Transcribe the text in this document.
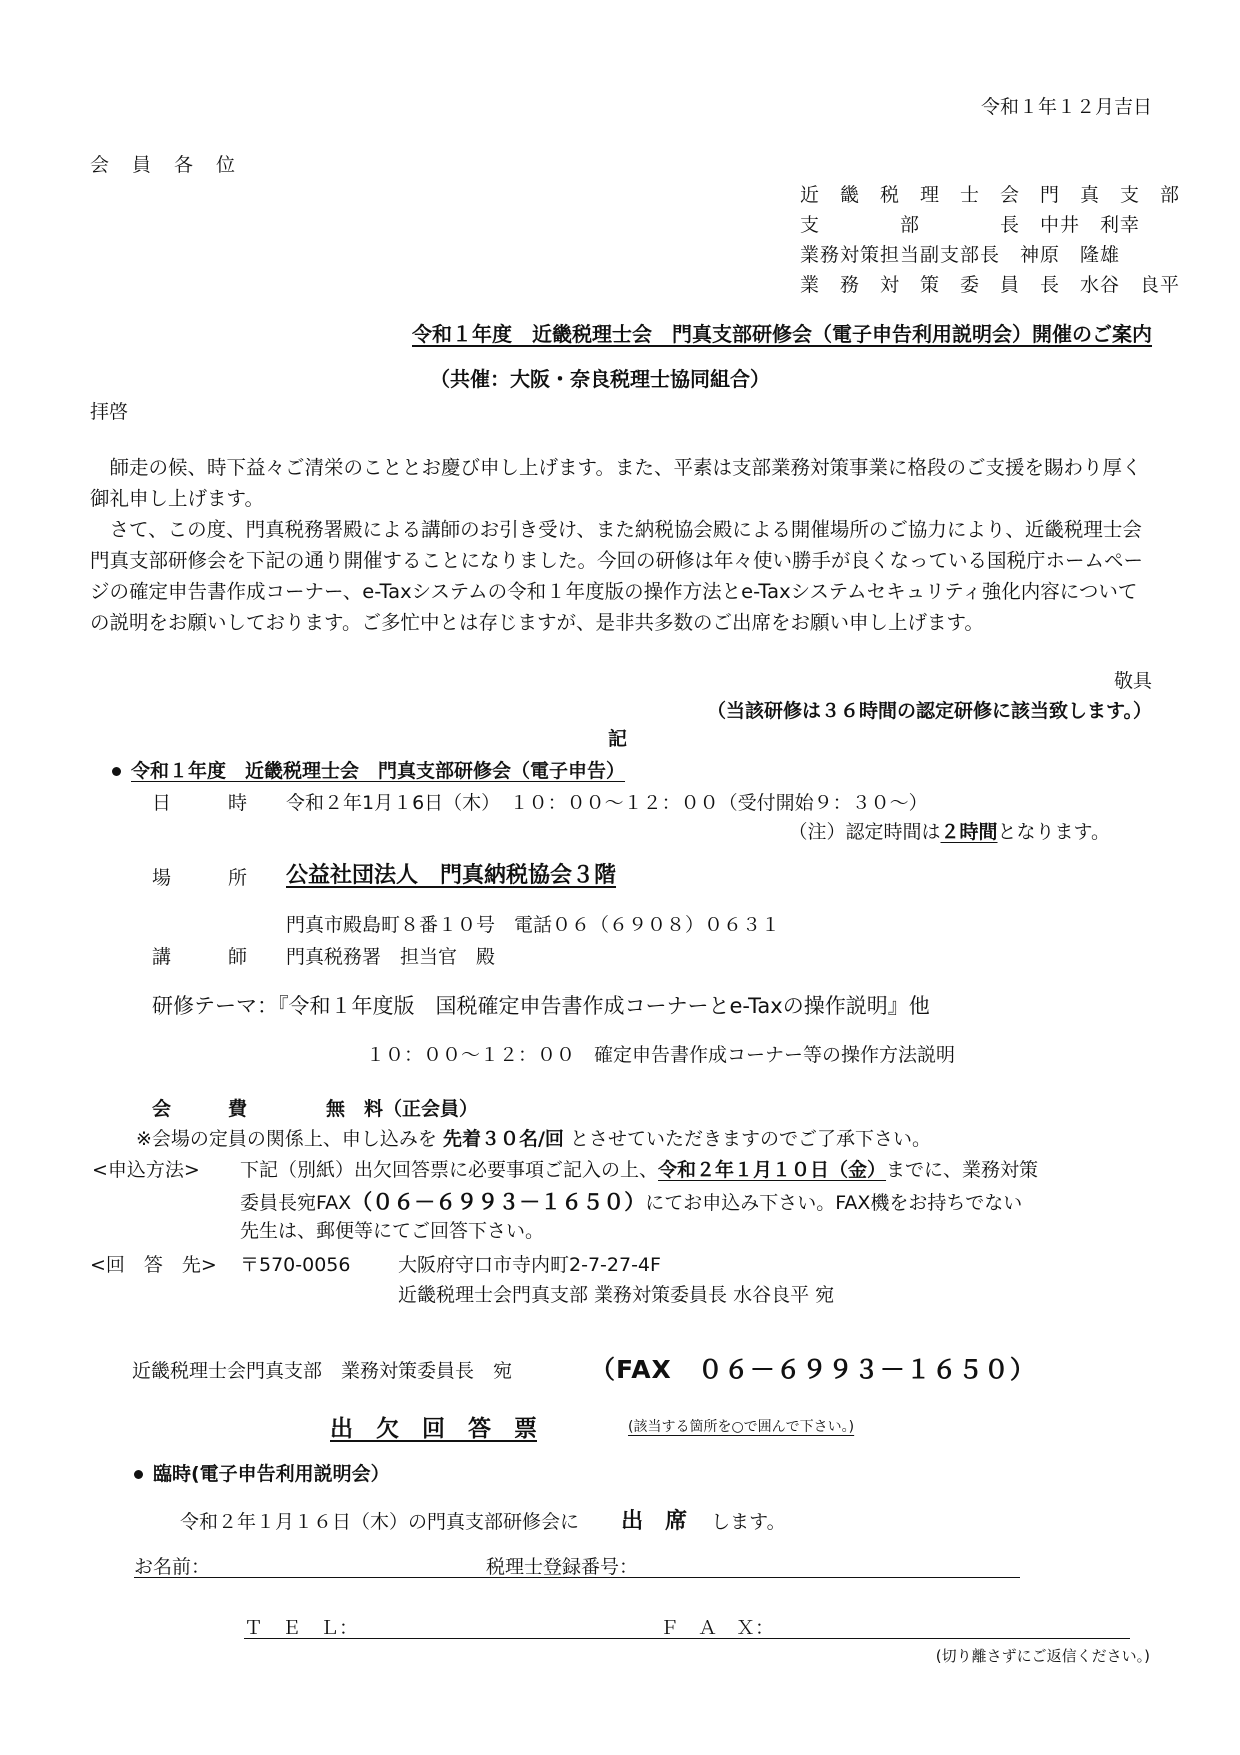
令和１年１２月吉日
会　員　各　位
近　畿　税　理　士　会　門　真　支　部
支　　　　部　　　　長　中井　利幸
業務対策担当副支部長　神原　隆雄
業　務　対　策　委　員　長　水谷　良平
令和１年度　近畿税理士会　門真支部研修会（電子申告利用説明会）開催のご案内
（共催：大阪・奈良税理士協同組合）
拝啓
　師走の候、時下益々ご清栄のこととお慶び申し上げます。また、平素は支部業務対策事業に格段のご支援を賜わり厚く御礼申し上げます。
　さて、この度、門真税務署殿による講師のお引き受け、また納税協会殿による開催場所のご協力により、近畿税理士会門真支部研修会を下記の通り開催することになりました。今回の研修は年々使い勝手が良くなっている国税庁ホームページの確定申告書作成コーナー、e-Taxシステムの令和１年度版の操作方法とe-Taxシステムセキュリティ強化内容についての説明をお願いしております。ご多忙中とは存じますが、是非共多数のご出席をお願い申し上げます。
敬具
（当該研修は３６時間の認定研修に該当致します。）
記
令和１年度　近畿税理士会　門真支部研修会（電子申告）
日　　　時 令和２年1月１6日（木）　１０：００～１２：００（受付開始９：３０～）
（注）認定時間は２時間となります。
場　　　所 公益社団法人　門真納税協会３階
門真市殿島町８番１０号　電話０６（６９０８）０６３１
講　　　師 門真税務署　担当官　殿
研修テーマ：『令和１年度版　国税確定申告書作成コーナーとe-Taxの操作説明』他
１０：００～１２：００　確定申告書作成コーナー等の操作方法説明
会　　　費	無　料（正会員）
※会場の定員の関係上、申し込みを 先着３０名/回 とさせていただきますのでご了承下さい。
<申込方法> 下記（別紙）出欠回答票に必要事項ご記入の上、令和２年１月１０日（金）までに、業務対策
委員長宛FAX（０６－６９９３－１６５０）にてお申込み下さい。FAX機をお持ちでない
先生は、郵便等にてご回答下さい。
<回　答　先> 〒570-0056	大阪府守口市寺内町2-7-27-4F
近畿税理士会門真支部 業務対策委員長 水谷良平 宛
近畿税理士会門真支部　業務対策委員長　宛	（FAX　０６－６９９３－１６５０）
出　欠　回　答　票	(該当する箇所を○で囲んで下さい。)
臨時(電子申告利用説明会）
令和２年１月１６日（木）の門真支部研修会に 出　席 します。
お名前：	税理士登録番号：
Ｔ　Ｅ　Ｌ：	Ｆ　Ａ　Ｘ：
(切り離さずにご返信ください。)
